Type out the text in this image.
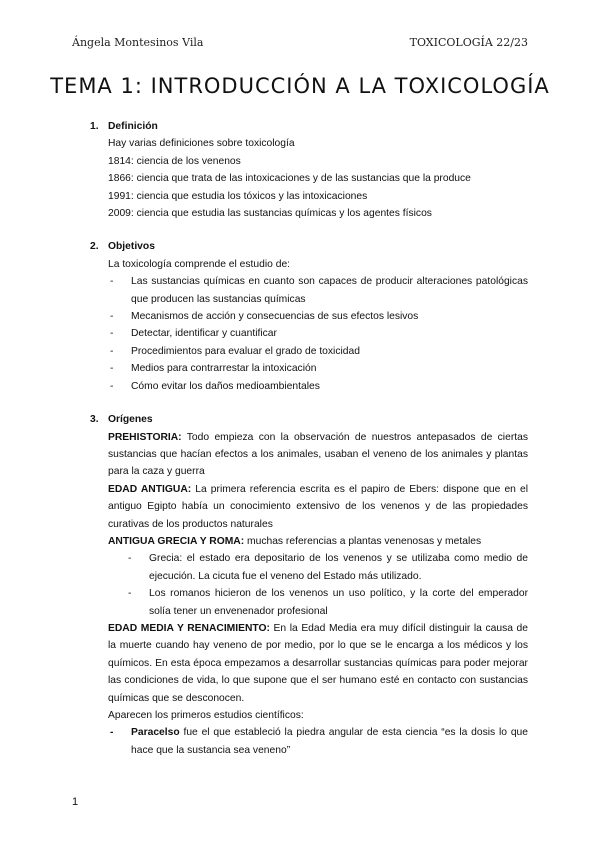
Ángela Montesinos Vila	TOXICOLOGÍA 22/23
TEMA 1: INTRODUCCIÓN A LA TOXICOLOGÍA
1. Definición
Hay varias definiciones sobre toxicología
1814: ciencia de los venenos
1866: ciencia que trata de las intoxicaciones y de las sustancias que la produce
1991: ciencia que estudia los tóxicos y las intoxicaciones
2009: ciencia que estudia las sustancias químicas y los agentes físicos
2. Objetivos
La toxicología comprende el estudio de:
-	Las sustancias químicas en cuanto son capaces de producir alteraciones patológicas que producen las sustancias químicas
-	Mecanismos de acción y consecuencias de sus efectos lesivos
-	Detectar, identificar y cuantificar
-	Procedimientos para evaluar el grado de toxicidad
-	Medios para contrarrestar la intoxicación
-	Cómo evitar los daños medioambientales
3. Orígenes
PREHISTORIA: Todo empieza con la observación de nuestros antepasados de ciertas sustancias que hacían efectos a los animales, usaban el veneno de los animales y plantas para la caza y guerra
EDAD ANTIGUA: La primera referencia escrita es el papiro de Ebers: dispone que en el antiguo Egipto había un conocimiento extensivo de los venenos y de las propiedades curativas de los productos naturales
ANTIGUA GRECIA Y ROMA: muchas referencias a plantas venenosas y metales
-	Grecia: el estado era depositario de los venenos y se utilizaba como medio de ejecución. La cicuta fue el veneno del Estado más utilizado.
-	Los romanos hicieron de los venenos un uso político, y la corte del emperador solía tener un envenenador profesional
EDAD MEDIA Y RENACIMIENTO: En la Edad Media era muy difícil distinguir la causa de la muerte cuando hay veneno de por medio, por lo que se le encarga a los médicos y los químicos. En esta época empezamos a desarrollar sustancias químicas para poder mejorar las condiciones de vida, lo que supone que el ser humano esté en contacto con sustancias químicas que se desconocen.
Aparecen los primeros estudios científicos:
-	Paracelso fue el que estableció la piedra angular de esta ciencia “es la dosis lo que hace que la sustancia sea veneno”
1
